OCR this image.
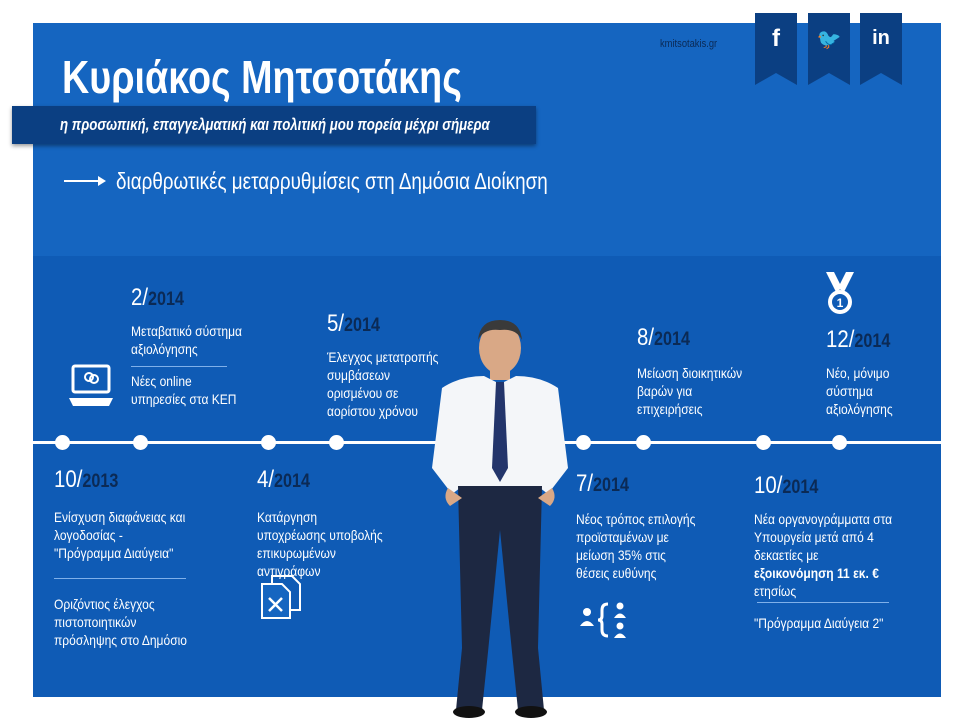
Κυριάκος Μητσοτάκης
η προσωπική, επαγγελματική και πολιτική μου πορεία μέχρι σήμερα
διαρθρωτικές μεταρρυθμίσεις στη Δημόσια Διοίκηση
kmitsotakis.gr	f	🐦	in
10/2013
Ενίσχυση διαφάνειας και λογοδοσίας - "Πρόγραμμα Διαύγεια"
Οριζόντιος έλεγχος πιστοποιητικών πρόσληψης στο Δημόσιο
2/2014
Μεταβατικό σύστημα αξιολόγησης
Νέες online υπηρεσίες στα ΚΕΠ
4/2014
Κατάργηση υποχρέωσης υποβολής επικυρωμένων αντιγράφων
5/2014
Έλεγχος μετατροπής συμβάσεων ορισμένου σε αορίστου χρόνου
7/2014
Νέος τρόπος επιλογής προϊσταμένων με μείωση 35% στις θέσεις ευθύνης
8/2014
Μείωση διοικητικών βαρών για επιχειρήσεις
10/2014
Νέα οργανογράμματα στα Υπουργεία μετά από 4 δεκαετίες με εξοικονόμηση 11 εκ. € ετησίως
"Πρόγραμμα Διαύγεια 2"
1
12/2014
Νέο, μόνιμο σύστημα αξιολόγησης
